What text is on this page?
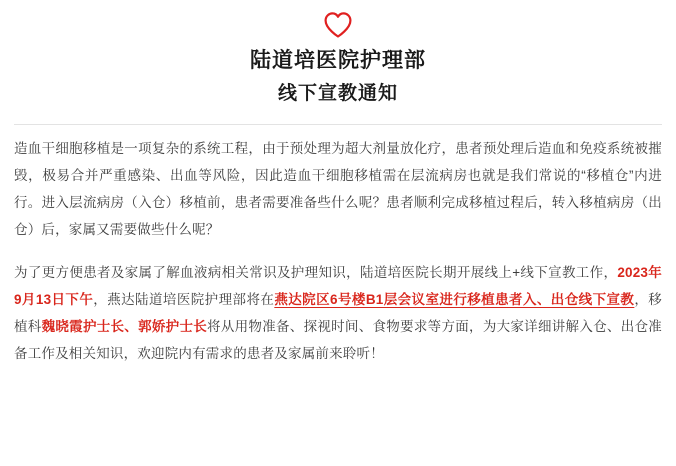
陆道培医院护理部
线下宣教通知

造血干细胞移植是一项复杂的系统工程，由于预处理为超大剂量放化疗，患者预处理后造血和免疫系统被摧毁，极易合并严重感染、出血等风险，因此造血干细胞移植需在层流病房也就是我们常说的“移植仓”内进行。进入层流病房（入仓）移植前，患者需要准备些什么呢？患者顺利完成移植过程后，转入移植病房（出仓）后，家属又需要做些什么呢？

为了更方便患者及家属了解血液病相关常识及护理知识，陆道培医院长期开展线上+线下宣教工作，2023年9月13日下午，燕达陆道培医院护理部将在燕达院区6号楼B1层会议室进行移植患者入、出仓线下宣教，移植科魏晓霞护士长、郭娇护士长将从用物准备、探视时间、食物要求等方面，为大家详细讲解入仓、出仓准备工作及相关知识，欢迎院内有需求的患者及家属前来聆听！
